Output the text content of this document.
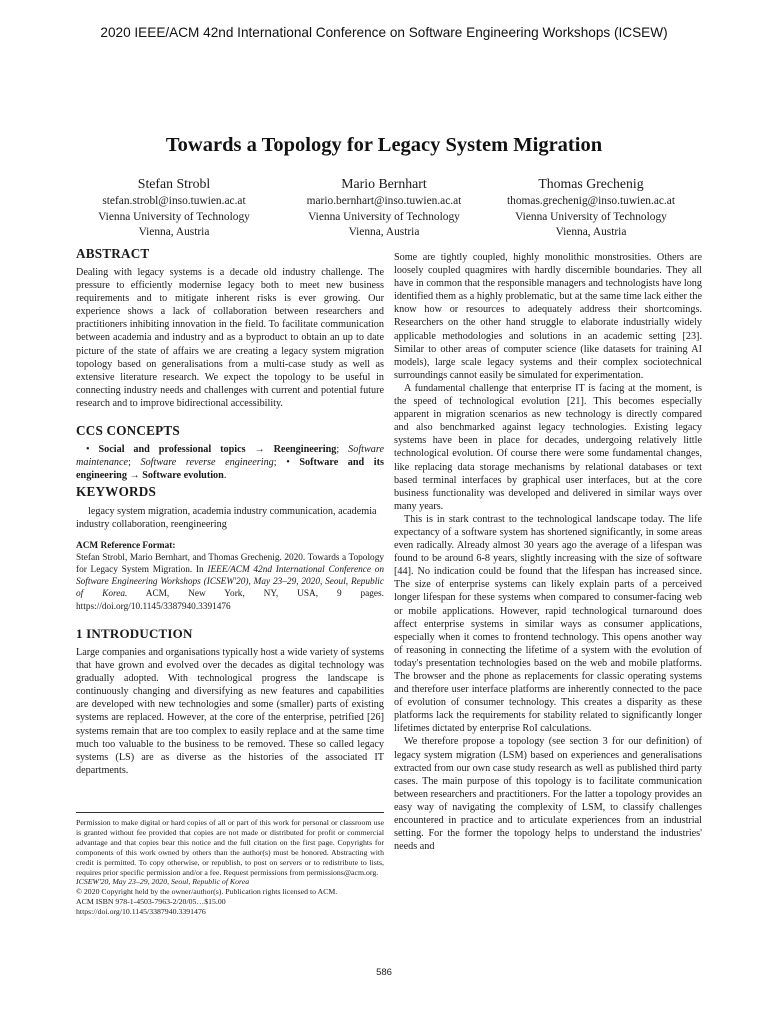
2020 IEEE/ACM 42nd International Conference on Software Engineering Workshops (ICSEW)
Towards a Topology for Legacy System Migration
Stefan Strobl
stefan.strobl@inso.tuwien.ac.at
Vienna University of Technology
Vienna, Austria
Mario Bernhart
mario.bernhart@inso.tuwien.ac.at
Vienna University of Technology
Vienna, Austria
Thomas Grechenig
thomas.grechenig@inso.tuwien.ac.at
Vienna University of Technology
Vienna, Austria
ABSTRACT

Dealing with legacy systems is a decade old industry challenge. The pressure to efficiently modernise legacy both to meet new business requirements and to mitigate inherent risks is ever growing. Our experience shows a lack of collaboration between researchers and practitioners inhibiting innovation in the field. To facilitate communication between academia and industry and as a byproduct to obtain an up to date picture of the state of affairs we are creating a legacy system migration topology based on generalisations from a multi-case study as well as extensive literature research. We expect the topology to be useful in connecting industry needs and challenges with current and potential future research and to improve bidirectional accessibility.

CCS CONCEPTS

• Social and professional topics → Reengineering; Software maintenance; Software reverse engineering; • Software and its engineering → Software evolution.

KEYWORDS

legacy system migration, academia industry communication, academia industry collaboration, reengineering

ACM Reference Format:

Stefan Strobl, Mario Bernhart, and Thomas Grechenig. 2020. Towards a Topology for Legacy System Migration. In IEEE/ACM 42nd International Conference on Software Engineering Workshops (ICSEW'20), May 23–29, 2020, Seoul, Republic of Korea. ACM, New York, NY, USA, 9 pages. https://doi.org/10.1145/3387940.3391476

1 INTRODUCTION

Large companies and organisations typically host a wide variety of systems that have grown and evolved over the decades as digital technology was gradually adopted. With technological progress the landscape is continuously changing and diversifying as new features and capabilities are developed with new technologies and some (smaller) parts of existing systems are replaced. However, at the core of the enterprise, petrified [26] systems remain that are too complex to easily replace and at the same time much too valuable to the business to be removed. These so called legacy systems (LS) are as diverse as the histories of the associated IT departments.

Permission to make digital or hard copies of all or part of this work for personal or classroom use is granted without fee provided that copies are not made or distributed for profit or commercial advantage and that copies bear this notice and the full citation on the first page. Copyrights for components of this work owned by others than the author(s) must be honored. Abstracting with credit is permitted. To copy otherwise, or republish, to post on servers or to redistribute to lists, requires prior specific permission and/or a fee. Request permissions from permissions@acm.org.

ICSEW'20, May 23–29, 2020, Seoul, Republic of Korea

© 2020 Copyright held by the owner/author(s). Publication rights licensed to ACM.

ACM ISBN 978-1-4503-7963-2/20/05…$15.00

https://doi.org/10.1145/3387940.3391476

Some are tightly coupled, highly monolithic monstrosities. Others are loosely coupled quagmires with hardly discernible boundaries. They all have in common that the responsible managers and technologists have long identified them as a highly problematic, but at the same time lack either the know how or resources to adequately address their shortcomings. Researchers on the other hand struggle to elaborate industrially widely applicable methodologies and solutions in an academic setting [23]. Similar to other areas of computer science (like datasets for training AI models), large scale legacy systems and their complex sociotechnical surroundings cannot easily be simulated for experimentation.

A fundamental challenge that enterprise IT is facing at the moment, is the speed of technological evolution [21]. This becomes especially apparent in migration scenarios as new technology is directly compared and also benchmarked against legacy technologies. Existing legacy systems have been in place for decades, undergoing relatively little technological evolution. Of course there were some fundamental changes, like replacing data storage mechanisms by relational databases or text based terminal interfaces by graphical user interfaces, but at the core business functionality was developed and delivered in similar ways over many years.

This is in stark contrast to the technological landscape today. The life expectancy of a software system has shortened significantly, in some areas even radically. Already almost 30 years ago the average of a lifespan was found to be around 6-8 years, slightly increasing with the size of software [44]. No indication could be found that the lifespan has increased since. The size of enterprise systems can likely explain parts of a perceived longer lifespan for these systems when compared to consumer-facing web or mobile applications. However, rapid technological turnaround does affect enterprise systems in similar ways as consumer applications, especially when it comes to frontend technology. This opens another way of reasoning in connecting the lifetime of a system with the evolution of today's presentation technologies based on the web and mobile platforms. The browser and the phone as replacements for classic operating systems and therefore user interface platforms are inherently connected to the pace of evolution of consumer technology. This creates a disparity as these platforms lack the requirements for stability related to significantly longer lifetimes dictated by enterprise RoI calculations.

We therefore propose a topology (see section 3 for our definition) of legacy system migration (LSM) based on experiences and generalisations extracted from our own case study research as well as published third party cases. The main purpose of this topology is to facilitate communication between researchers and practitioners. For the latter a topology provides an easy way of navigating the complexity of LSM, to classify challenges encountered in practice and to articulate experiences from an industrial setting. For the former the topology helps to understand the industries' needs and

586
